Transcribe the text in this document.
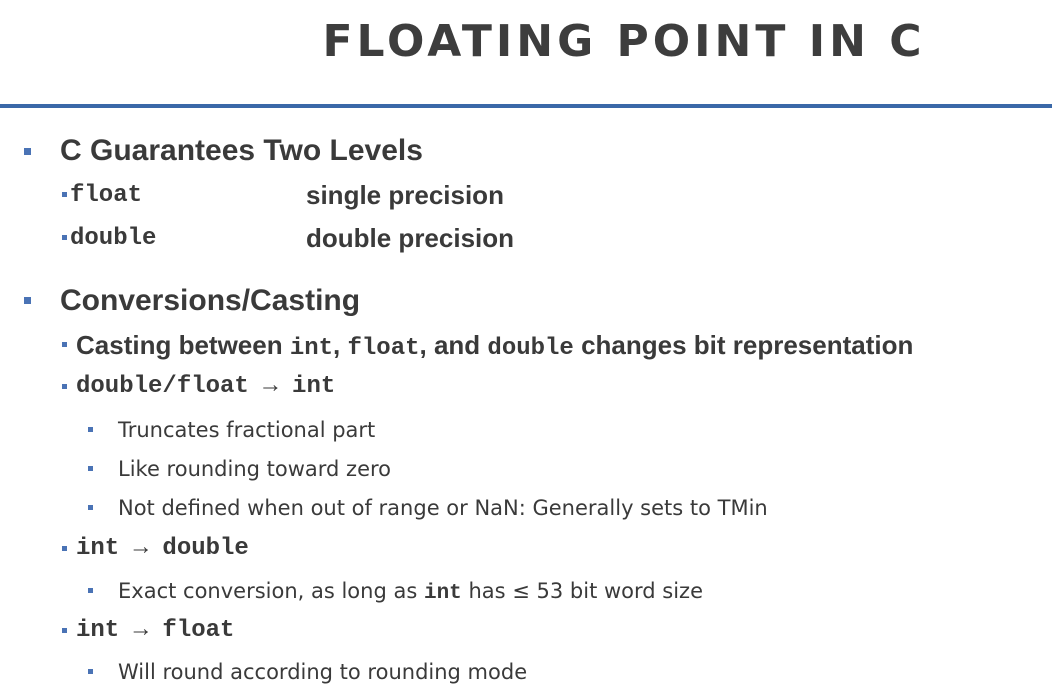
FLOATING POINT IN C
C Guarantees Two Levels
float	single precision
double	double precision
Conversions/Casting
Casting between int, float, and double changes bit representation
double/float → int
Truncates fractional part
Like rounding toward zero
Not defined when out of range or NaN: Generally sets to TMin
int → double
Exact conversion, as long as int has ≤ 53 bit word size
int → float
Will round according to rounding mode
